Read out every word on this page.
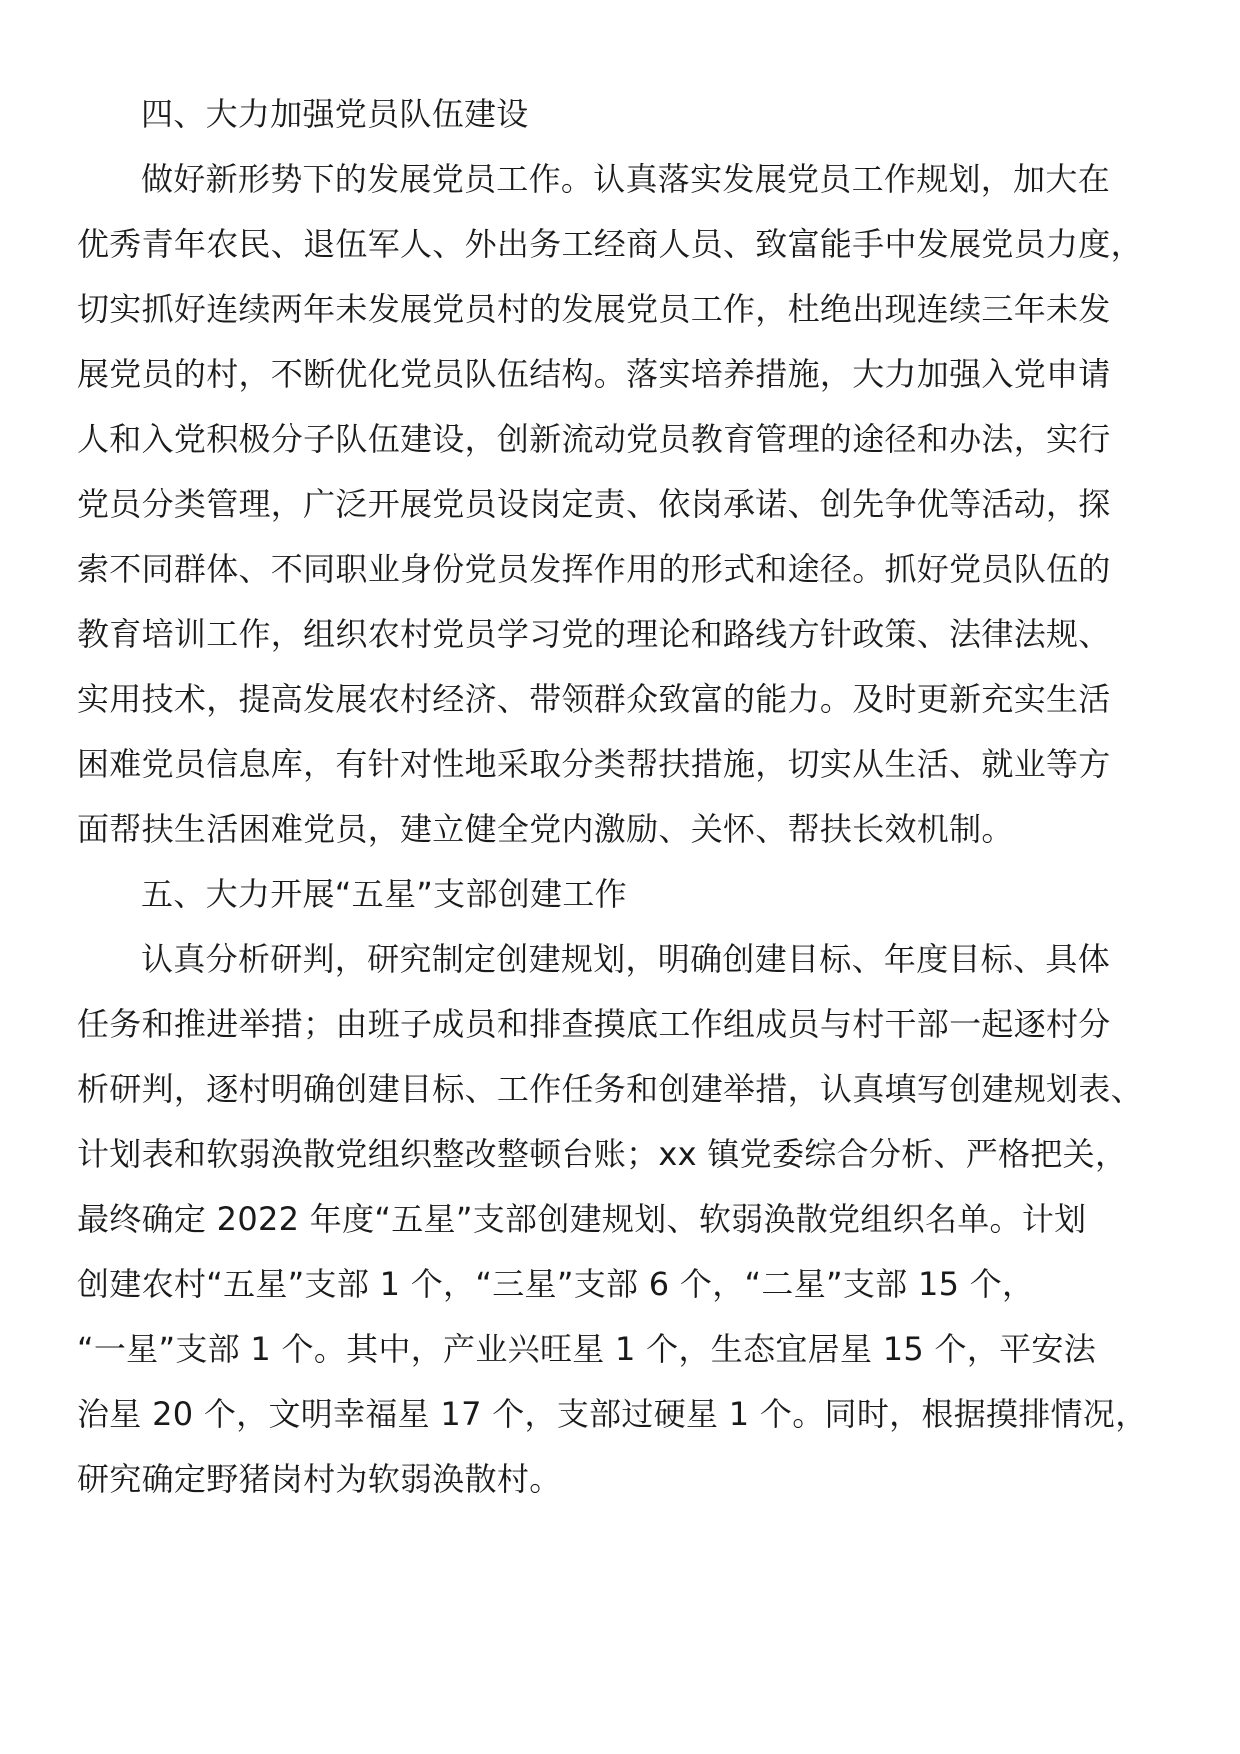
四、大力加强党员队伍建设

做好新形势下的发展党员工作。认真落实发展党员工作规划，加大在

优秀青年农民、退伍军人、外出务工经商人员、致富能手中发展党员力度，

切实抓好连续两年未发展党员村的发展党员工作，杜绝出现连续三年未发

展党员的村，不断优化党员队伍结构。落实培养措施，大力加强入党申请

人和入党积极分子队伍建设，创新流动党员教育管理的途径和办法，实行

党员分类管理，广泛开展党员设岗定责、依岗承诺、创先争优等活动，探

索不同群体、不同职业身份党员发挥作用的形式和途径。抓好党员队伍的

教育培训工作，组织农村党员学习党的理论和路线方针政策、法律法规、

实用技术，提高发展农村经济、带领群众致富的能力。及时更新充实生活

困难党员信息库，有针对性地采取分类帮扶措施，切实从生活、就业等方

面帮扶生活困难党员，建立健全党内激励、关怀、帮扶长效机制。

五、大力开展“五星”支部创建工作

认真分析研判，研究制定创建规划，明确创建目标、年度目标、具体

任务和推进举措；由班子成员和排查摸底工作组成员与村干部一起逐村分

析研判，逐村明确创建目标、工作任务和创建举措，认真填写创建规划表、

计划表和软弱涣散党组织整改整顿台账；xx 镇党委综合分析、严格把关，

最终确定 2022 年度“五星”支部创建规划、软弱涣散党组织名单。计划

创建农村“五星”支部 1 个，“三星”支部 6 个，“二星”支部 15 个，

“一星”支部 1 个。其中，产业兴旺星 1 个，生态宜居星 15 个，平安法

治星 20 个，文明幸福星 17 个，支部过硬星 1 个。同时，根据摸排情况，

研究确定野猪岗村为软弱涣散村。
